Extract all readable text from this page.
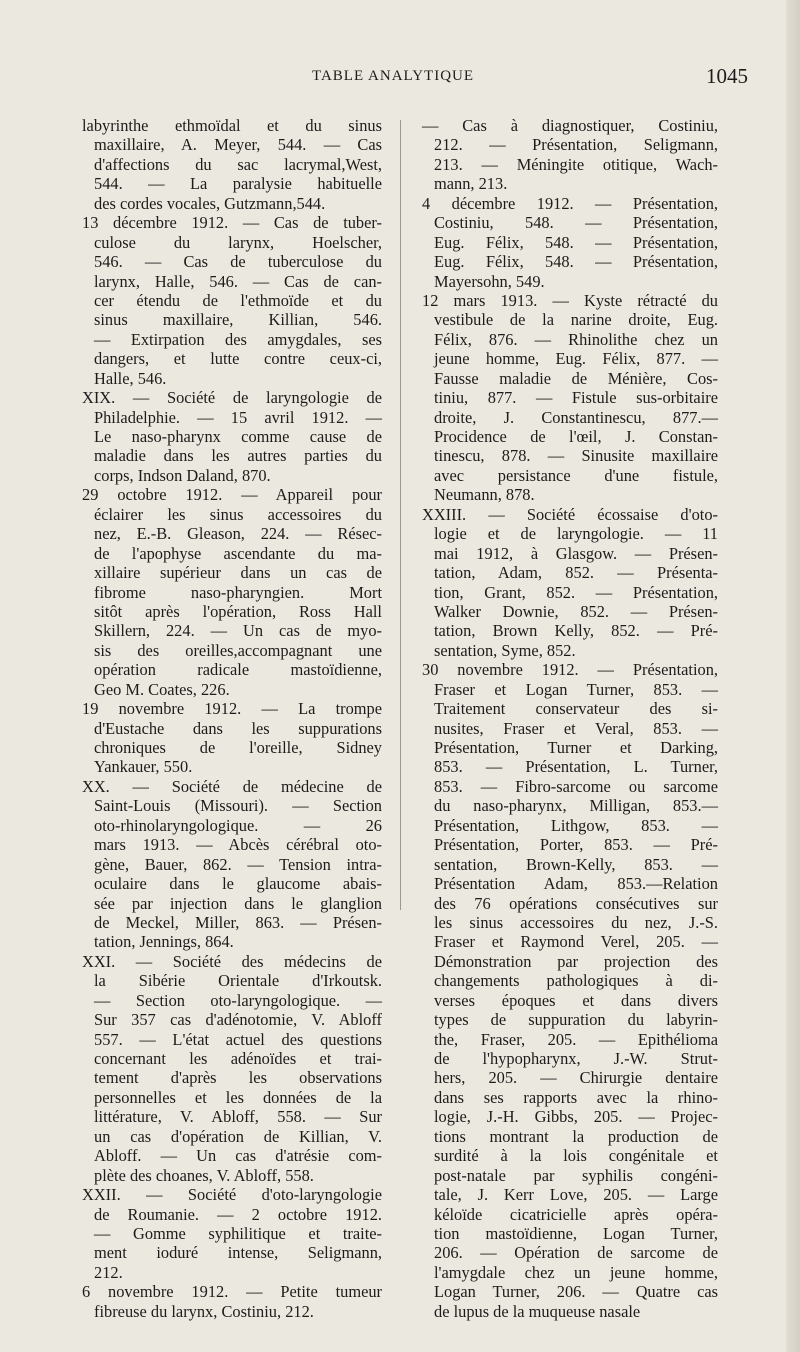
TABLE ANALYTIQUE	1045
labyrinthe ethmoïdal et du sinus
maxillaire, A. Meyer, 544. — Cas
d'affections du sac lacrymal,West,
544. — La paralysie habituelle
des cordes vocales, Gutzmann,544.
13 décembre 1912. — Cas de tuber-
culose du larynx, Hoelscher,
546. — Cas de tuberculose du
larynx, Halle, 546. — Cas de can-
cer étendu de l'ethmoïde et du
sinus maxillaire, Killian, 546.
— Extirpation des amygdales, ses
dangers, et lutte contre ceux-ci,
Halle, 546.
XIX. — Société de laryngologie de
Philadelphie. — 15 avril 1912. —
Le naso-pharynx comme cause de
maladie dans les autres parties du
corps, Indson Daland, 870.
29 octobre 1912. — Appareil pour
éclairer les sinus accessoires du
nez, E.-B. Gleason, 224. — Résec-
de l'apophyse ascendante du ma-
xillaire supérieur dans un cas de
fibrome naso-pharyngien. Mort
sitôt après l'opération, Ross Hall
Skillern, 224. — Un cas de myo-
sis des oreilles,accompagnant une
opération radicale mastoïdienne,
Geo M. Coates, 226.
19 novembre 1912. — La trompe
d'Eustache dans les suppurations
chroniques de l'oreille, Sidney
Yankauer, 550.
XX. — Société de médecine de
Saint-Louis (Missouri). — Section
oto-rhinolaryngologique. — 26
mars 1913. — Abcès cérébral oto-
gène, Bauer, 862. — Tension intra-
oculaire dans le glaucome abais-
sée par injection dans le glanglion
de Meckel, Miller, 863. — Présen-
tation, Jennings, 864.
XXI. — Société des médecins de
la Sibérie Orientale d'Irkoutsk.
— Section oto-laryngologique. —
Sur 357 cas d'adénotomie, V. Abloff
557. — L'état actuel des questions
concernant les adénoïdes et trai-
tement d'après les observations
personnelles et les données de la
littérature, V. Abloff, 558. — Sur
un cas d'opération de Killian, V.
Abloff. — Un cas d'atrésie com-
plète des choanes, V. Abloff, 558.
XXII. — Société d'oto-laryngologie
de Roumanie. — 2 octobre 1912.
— Gomme syphilitique et traite-
ment ioduré intense, Seligmann,
212.
6 novembre 1912. — Petite tumeur
fibreuse du larynx, Costiniu, 212.
— Cas à diagnostiquer, Costiniu,
212. — Présentation, Seligmann,
213. — Méningite otitique, Wach-
mann, 213.
4 décembre 1912. — Présentation,
Costiniu, 548. — Présentation,
Eug. Félix, 548. — Présentation,
Eug. Félix, 548. — Présentation,
Mayersohn, 549.
12 mars 1913. — Kyste rétracté du
vestibule de la narine droite, Eug.
Félix, 876. — Rhinolithe chez un
jeune homme, Eug. Félix, 877. —
Fausse maladie de Ménière, Cos-
tiniu, 877. — Fistule sus-orbitaire
droite, J. Constantinescu, 877.—
Procidence de l'œil, J. Constan-
tinescu, 878. — Sinusite maxillaire
avec persistance d'une fistule,
Neumann, 878.
XXIII. — Société écossaise d'oto-
logie et de laryngologie. — 11
mai 1912, à Glasgow. — Présen-
tation, Adam, 852. — Présenta-
tion, Grant, 852. — Présentation,
Walker Downie, 852. — Présen-
tation, Brown Kelly, 852. — Pré-
sentation, Syme, 852.
30 novembre 1912. — Présentation,
Fraser et Logan Turner, 853. —
Traitement conservateur des si-
nusites, Fraser et Veral, 853. —
Présentation, Turner et Darking,
853. — Présentation, L. Turner,
853. — Fibro-sarcome ou sarcome
du naso-pharynx, Milligan, 853.—
Présentation, Lithgow, 853. —
Présentation, Porter, 853. — Pré-
sentation, Brown-Kelly, 853. —
Présentation Adam, 853.—Relation
des 76 opérations consécutives sur
les sinus accessoires du nez, J.-S.
Fraser et Raymond Verel, 205. —
Démonstration par projection des
changements pathologiques à di-
verses époques et dans divers
types de suppuration du labyrin-
the, Fraser, 205. — Epithélioma
de l'hypopharynx, J.-W. Strut-
hers, 205. — Chirurgie dentaire
dans ses rapports avec la rhino-
logie, J.-H. Gibbs, 205. — Projec-
tions montrant la production de
surdité à la lois congénitale et
post-natale par syphilis congéni-
tale, J. Kerr Love, 205. — Large
kéloïde cicatricielle après opéra-
tion mastoïdienne, Logan Turner,
206. — Opération de sarcome de
l'amygdale chez un jeune homme,
Logan Turner, 206. — Quatre cas
de lupus de la muqueuse nasale
